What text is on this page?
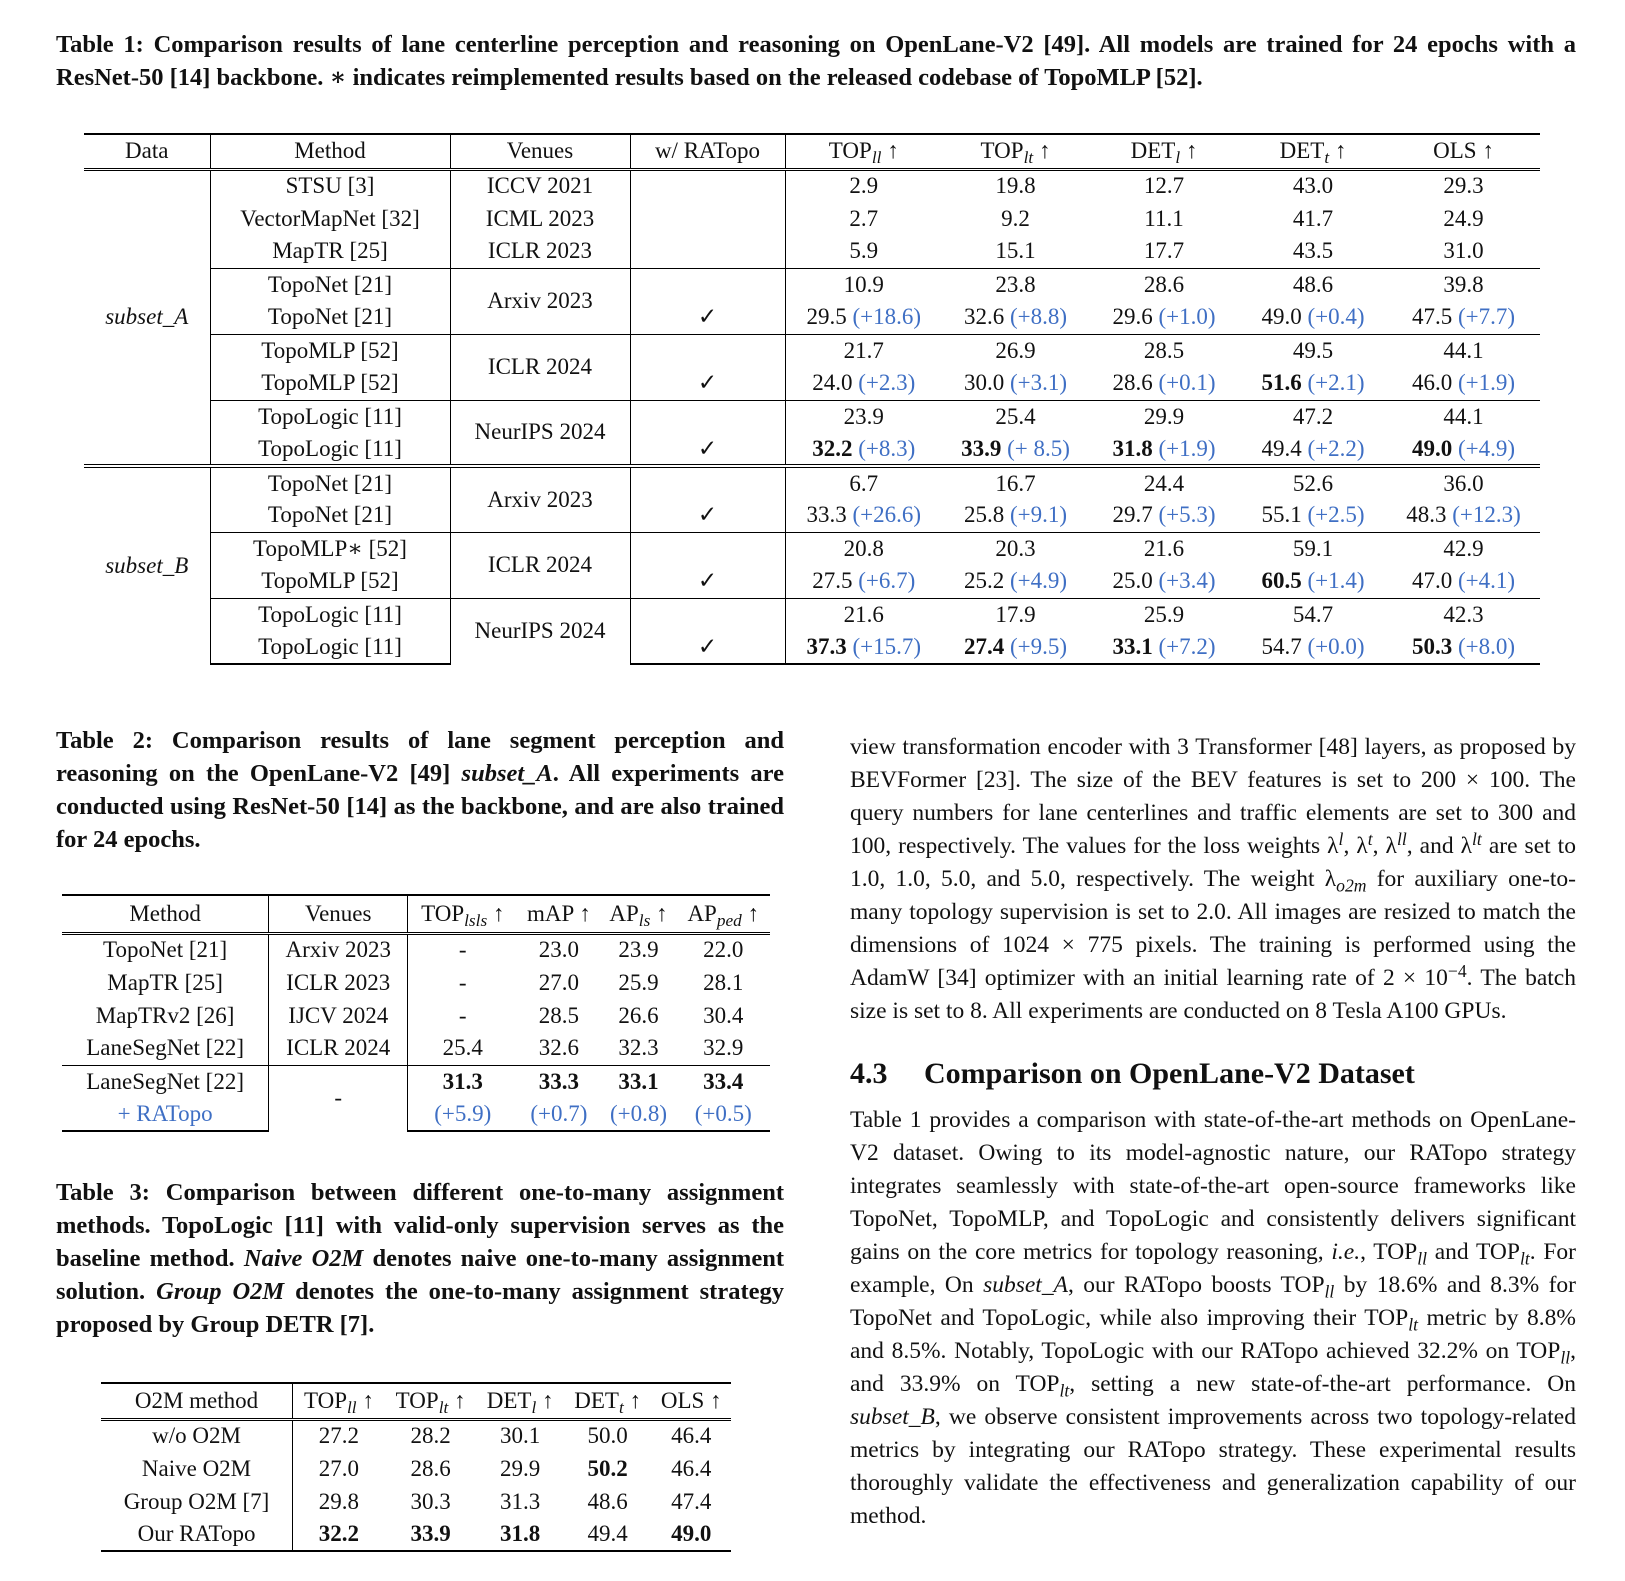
Table 1: Comparison results of lane centerline perception and reasoning on OpenLane-V2 [49]. All models are trained for 24 epochs with a ResNet-50 [14] backbone. ∗ indicates reimplemented results based on the released codebase of TopoMLP [52].
Data	Method	Venues	w/ RATopo	$TOP_{ll}$ ↑	$TOP_{lt}$ ↑	$DET_l$ ↑	$DET_t$ ↑	OLS ↑
subset_A	STSU [3]	ICCV 2021		2.9	19.8	12.7	43.0	29.3
	VectorMapNet [32]	ICML 2023		2.7	9.2	11.1	41.7	24.9
	MapTR [25]	ICLR 2023		5.9	15.1	17.7	43.5	31.0
	TopoNet [21]	Arxiv 2023		10.9	23.8	28.6	48.6	39.8
	TopoNet [21]		✓	29.5 (+18.6)	32.6 (+8.8)	29.6 (+1.0)	49.0 (+0.4)	47.5 (+7.7)
	TopoMLP [52]	ICLR 2024		21.7	26.9	28.5	49.5	44.1
	TopoMLP [52]		✓	24.0 (+2.3)	30.0 (+3.1)	28.6 (+0.1)	51.6 (+2.1)	46.0 (+1.9)
	TopoLogic [11]	NeurIPS 2024		23.9	25.4	29.9	47.2	44.1
	TopoLogic [11]		✓	32.2 (+8.3)	33.9 (+ 8.5)	31.8 (+1.9)	49.4 (+2.2)	49.0 (+4.9)
subset_B	TopoNet [21]	Arxiv 2023		6.7	16.7	24.4	52.6	36.0
	TopoNet [21]		✓	33.3 (+26.6)	25.8 (+9.1)	29.7 (+5.3)	55.1 (+2.5)	48.3 (+12.3)
	TopoMLP∗ [52]	ICLR 2024		20.8	20.3	21.6	59.1	42.9
	TopoMLP [52]		✓	27.5 (+6.7)	25.2 (+4.9)	25.0 (+3.4)	60.5 (+1.4)	47.0 (+4.1)
	TopoLogic [11]	NeurIPS 2024		21.6	17.9	25.9	54.7	42.3
	TopoLogic [11]		✓	37.3 (+15.7)	27.4 (+9.5)	33.1 (+7.2)	54.7 (+0.0)	50.3 (+8.0)
Table 2: Comparison results of lane segment perception and reasoning on the OpenLane-V2 [49] subset_A. All experiments are conducted using ResNet-50 [14] as the backbone, and are also trained for 24 epochs.
Method	Venues	$TOP_{lsls}$ ↑	mAP ↑	$AP_{ls}$ ↑	$AP_{ped}$ ↑
TopoNet [21]	Arxiv 2023	-	23.0	23.9	22.0
MapTR [25]	ICLR 2023	-	27.0	25.9	28.1
MapTRv2 [26]	IJCV 2024	-	28.5	26.6	30.4
LaneSegNet [22]	ICLR 2024	25.4	32.6	32.3	32.9
LaneSegNet [22]	-	31.3	33.3	33.1	33.4
+ RATopo		(+5.9)	(+0.7)	(+0.8)	(+0.5)
Table 3: Comparison between different one-to-many assignment methods. TopoLogic [11] with valid-only supervision serves as the baseline method. Naive O2M denotes naive one-to-many assignment solution. Group O2M denotes the one-to-many assignment strategy proposed by Group DETR [7].
O2M method	$TOP_{ll}$ ↑	$TOP_{lt}$ ↑	$DET_l$ ↑	$DET_t$ ↑	OLS ↑
w/o O2M	27.2	28.2	30.1	50.0	46.4
Naive O2M	27.0	28.6	29.9	50.2	46.4
Group O2M [7]	29.8	30.3	31.3	48.6	47.4
Our RATopo	32.2	33.9	31.8	49.4	49.0

view transformation encoder with 3 Transformer [48] layers, as proposed by BEVFormer [23]. The size of the BEV features is set to 200 × 100. The query numbers for lane centerlines and traffic elements are set to 300 and 100, respectively. The values for the loss weights $\lambda^l$, $\lambda^t$, $\lambda^{ll}$, and $\lambda^{lt}$ are set to 1.0, 1.0, 5.0, and 5.0, respectively. The weight $\lambda_{o2m}$ for auxiliary one-to-many topology supervision is set to 2.0. All images are resized to match the dimensions of 1024 × 775 pixels. The training is performed using the AdamW [34] optimizer with an initial learning rate of $2 \times 10^{-4}$. The batch size is set to 8. All experiments are conducted on 8 Tesla A100 GPUs.

4.3 Comparison on OpenLane-V2 Dataset

Table 1 provides a comparison with state-of-the-art methods on OpenLane-V2 dataset. Owing to its model-agnostic nature, our RATopo strategy integrates seamlessly with state-of-the-art open-source frameworks like TopoNet, TopoMLP, and TopoLogic and consistently delivers significant gains on the core metrics for topology reasoning, i.e., $TOP_{ll}$ and $TOP_{lt}$. For example, On subset_A, our RATopo boosts $TOP_{ll}$ by 18.6% and 8.3% for TopoNet and TopoLogic, while also improving their $TOP_{lt}$ metric by 8.8% and 8.5%. Notably, TopoLogic with our RATopo achieved 32.2% on $TOP_{ll}$, and 33.9% on $TOP_{lt}$, setting a new state-of-the-art performance. On subset_B, we observe consistent improvements across two topology-related metrics by integrating our RATopo strategy. These experimental results thoroughly validate the effectiveness and generalization capability of our method.
